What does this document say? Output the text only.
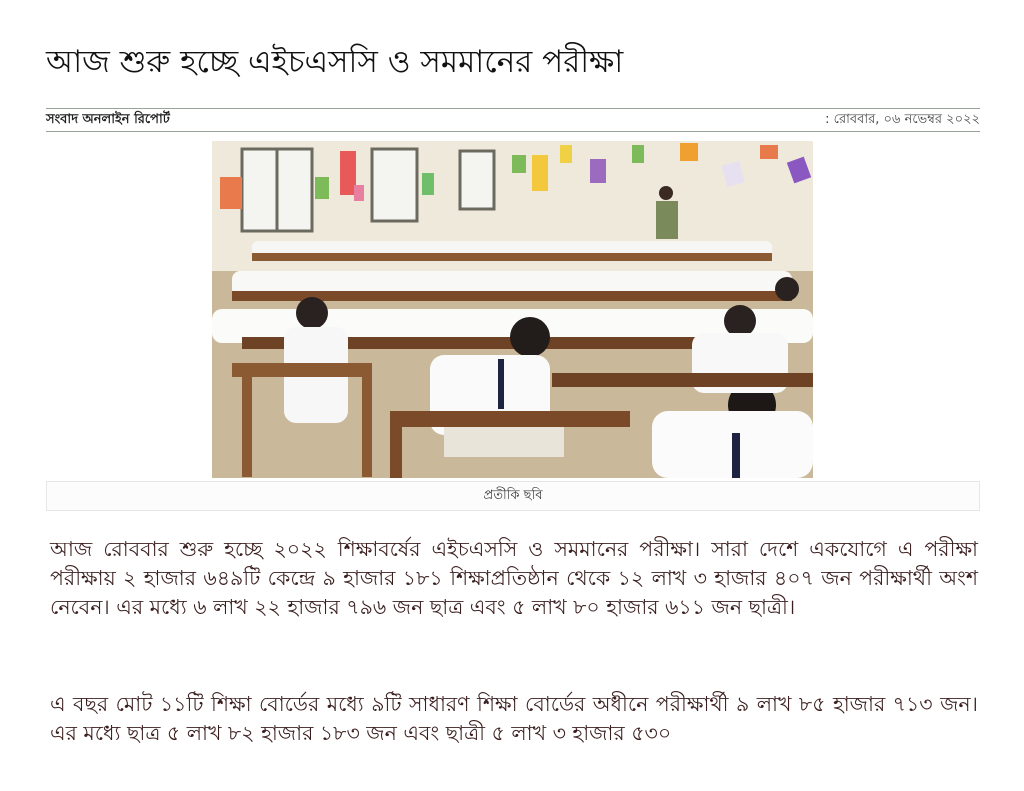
আজ শুরু হচ্ছে এইচএসসি ও সমমানের পরীক্ষা
সংবাদ অনলাইন রিপোর্ট	: রোববার, ০৬ নভেম্বর ২০২২
প্রতীকি ছবি

আজ রোববার শুরু হচ্ছে ২০২২ শিক্ষাবর্ষের এইচএসসি ও সমমানের পরীক্ষা। সারা দেশে একযোগে এ পরীক্ষা পরীক্ষায় ২ হাজার ৬৪৯টি কেন্দ্রে ৯ হাজার ১৮১ শিক্ষাপ্রতিষ্ঠান থেকে ১২ লাখ ৩ হাজার ৪০৭ জন পরীক্ষার্থী অংশ নেবেন। এর মধ্যে ৬ লাখ ২২ হাজার ৭৯৬ জন ছাত্র এবং ৫ লাখ ৮০ হাজার ৬১১ জন ছাত্রী।

এ বছর মোট ১১টি শিক্ষা বোর্ডের মধ্যে ৯টি সাধারণ শিক্ষা বোর্ডের অধীনে পরীক্ষার্থী ৯ লাখ ৮৫ হাজার ৭১৩ জন। এর মধ্যে ছাত্র ৫ লাখ ৮২ হাজার ১৮৩ জন এবং ছাত্রী ৫ লাখ ৩ হাজার ৫৩০
